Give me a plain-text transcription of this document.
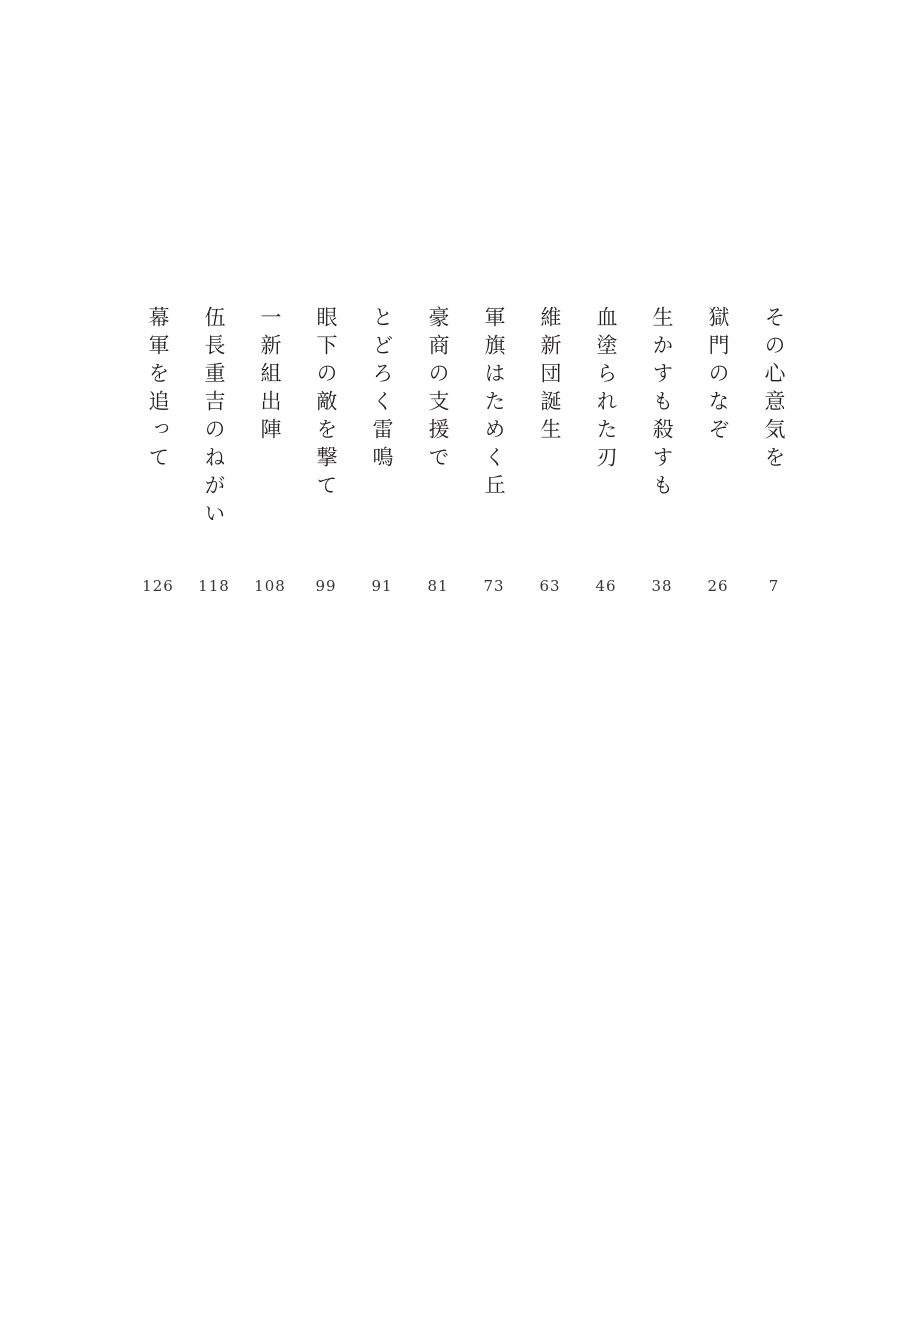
その心意気を
7
獄門のなぞ
26
生かすも殺すも
38
血塗られた刃
46
維新団誕生
63
軍旗はためく丘
73
豪商の支援で
81
とどろく雷鳴
91
眼下の敵を撃て
99
一新組出陣
108
伍長重吉のねがい
118
幕軍を追って
126
